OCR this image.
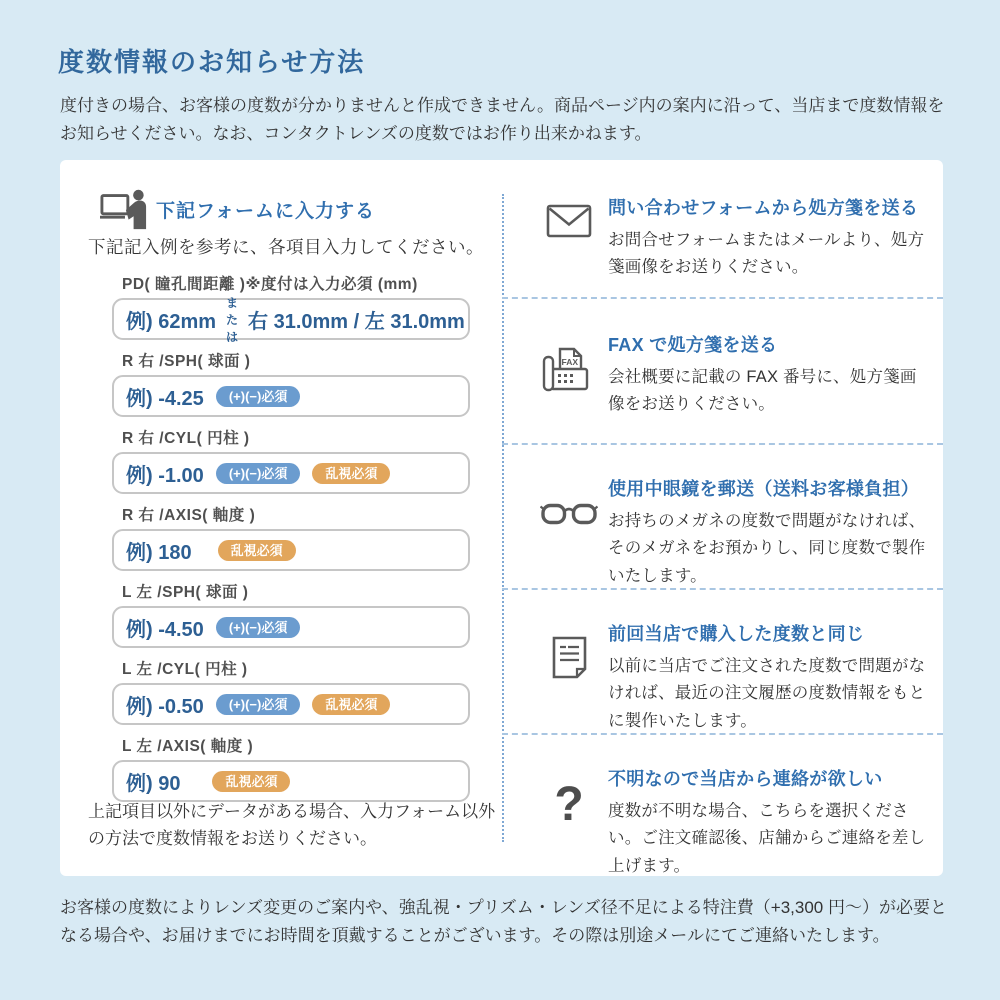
度数情報のお知らせ方法
度付きの場合、お客様の度数が分かりませんと作成できません。商品ページ内の案内に沿って、当店まで度数情報をお知らせください。なお、コンタクトレンズの度数ではお作り出来かねます。
下記フォームに入力する
下記記入例を参考に、各項目入力してください。
PD( 瞳孔間距離 )※度付は入力必須 (mm)
例) 62mm
または
右 31.0mm / 左 31.0mm
R 右 /SPH( 球面 )
例) -4.25	(+)(−)必須
R 右 /CYL( 円柱 )
例) -1.00	(+)(−)必須	乱視必須
R 右 /AXIS( 軸度 )
例) 180	乱視必須
L 左 /SPH( 球面 )
例) -4.50	(+)(−)必須
L 左 /CYL( 円柱 )
例) -0.50	(+)(−)必須	乱視必須
L 左 /AXIS( 軸度 )
例) 90	乱視必須
上記項目以外にデータがある場合、入力フォーム以外の方法で度数情報をお送りください。
問い合わせフォームから処方箋を送る
お問合せフォームまたはメールより、処方箋画像をお送りください。
FAX
FAX で処方箋を送る
会社概要に記載の FAX 番号に、処方箋画像をお送りください。
使用中眼鏡を郵送（送料お客様負担）
お持ちのメガネの度数で問題がなければ、そのメガネをお預かりし、同じ度数で製作いたします。
前回当店で購入した度数と同じ
以前に当店でご注文された度数で問題がなければ、最近の注文履歴の度数情報をもとに製作いたします。
?	不明なので当店から連絡が欲しい
度数が不明な場合、こちらを選択ください。ご注文確認後、店舗からご連絡を差し上げます。
お客様の度数によりレンズ変更のご案内や、強乱視・プリズム・レンズ径不足による特注費（+3,300 円〜）が必要となる場合や、お届けまでにお時間を頂戴することがございます。その際は別途メールにてご連絡いたします。
